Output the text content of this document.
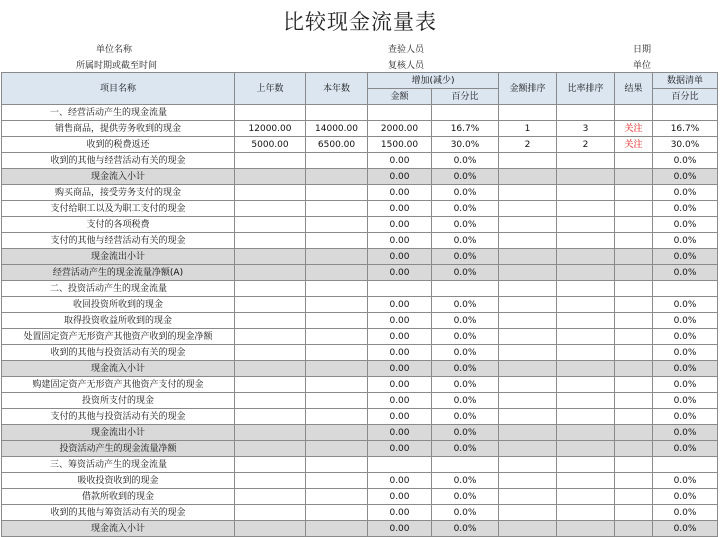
比较现金流量表
单位名称	查验人员	日期
所属时期或截至时间	复核人员	单位
项目名称	上年数	本年数	增加(减少)		金额排序	比率排序	结果	数据清单
			金额	百分比				百分比
一、经营活动产生的现金流量								
销售商品，提供劳务收到的现金	12000.00	14000.00	2000.00	16.7%	1	3	关注	16.7%
收到的税费返还	5000.00	6500.00	1500.00	30.0%	2	2	关注	30.0%
收到的其他与经营活动有关的现金			0.00	0.0%				0.0%
现金流入小计			0.00	0.0%				0.0%
购买商品，接受劳务支付的现金			0.00	0.0%				0.0%
支付给职工以及为职工支付的现金			0.00	0.0%				0.0%
支付的各项税费			0.00	0.0%				0.0%
支付的其他与经营活动有关的现金			0.00	0.0%				0.0%
现金流出小计			0.00	0.0%				0.0%
经营活动产生的现金流量净额(A)			0.00	0.0%				0.0%
二、投资活动产生的现金流量								
收回投资所收到的现金			0.00	0.0%				0.0%
取得投资收益所收到的现金			0.00	0.0%				0.0%
处置固定资产无形资产其他资产收到的现金净额			0.00	0.0%				0.0%
收到的其他与投资活动有关的现金			0.00	0.0%				0.0%
现金流入小计			0.00	0.0%				0.0%
购建固定资产无形资产其他资产支付的现金			0.00	0.0%				0.0%
投资所支付的现金			0.00	0.0%				0.0%
支付的其他与投资活动有关的现金			0.00	0.0%				0.0%
现金流出小计			0.00	0.0%				0.0%
投资活动产生的现金流量净额			0.00	0.0%				0.0%
三、筹资活动产生的现金流量								
吸收投资收到的现金			0.00	0.0%				0.0%
借款所收到的现金			0.00	0.0%				0.0%
收到的其他与筹资活动有关的现金			0.00	0.0%				0.0%
现金流入小计			0.00	0.0%				0.0%
